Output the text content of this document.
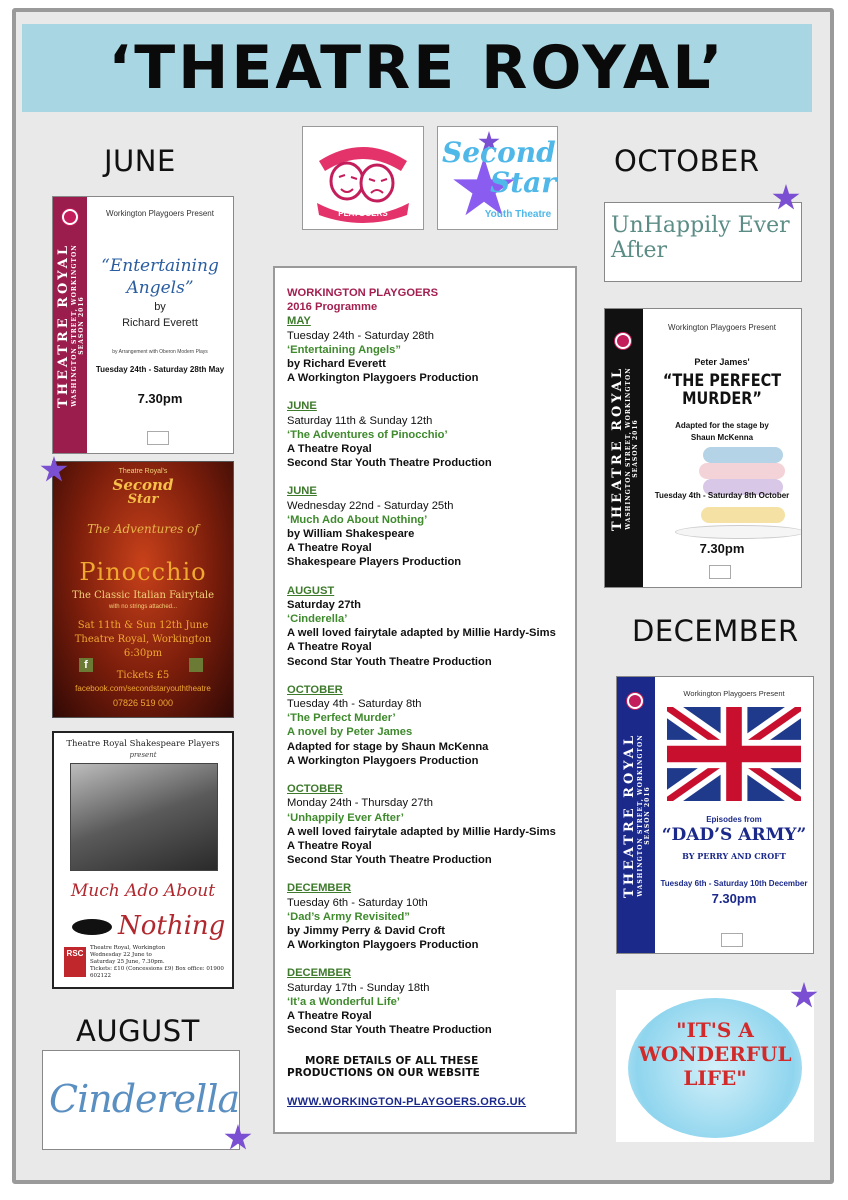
‘THEATRE ROYAL’
JUNE	OCTOBER
DECEMBER
AUGUST
WORKINGTON
PLAYGOERS
Second
Star
Youth Theatre
THEATRE ROYAL WASHINGTON STREET, WORKINGTON SEASON 2016
Workington Playgoers Present
“Entertaining Angels”
by
Richard Everett
by Arrangement with Oberon Modern Plays
Tuesday 24th - Saturday 28th May
7.30pm
Theatre Royal's
Second
Star
The Adventures of
Pinocchio
The Classic Italian Fairytale
with no strings attached...
Sat 11th & Sun 12th June
Theatre Royal, Workington
6:30pm
f
Tickets £5
facebook.com/secondstaryouththeatre
07826 519 000
Theatre Royal Shakespeare Players
present
Much Ado About
Nothing
RSC
Theatre Royal, Workington
Wednesday 22 June to
Saturday 25 June, 7.30pm.
Tickets: £10 (Concessions £9) Box office: 01900 602122
Cinderella
UnHappily Ever After
THEATRE ROYAL WASHINGTON STREET, WORKINGTON SEASON 2016
Workington Playgoers Present
Peter James'
“THE PERFECT
MURDER”
Adapted for the stage by
Shaun McKenna
Tuesday 4th - Saturday 8th October
7.30pm
THEATRE ROYAL WASHINGTON STREET, WORKINGTON SEASON 2016
Workington Playgoers Present
Episodes from
“DAD’S ARMY”
BY PERRY AND CROFT
Tuesday 6th - Saturday 10th December
7.30pm
"IT'S A
WONDERFUL
LIFE"
WORKINGTON PLAYGOERS
2016 Programme
MAY
Tuesday 24th - Saturday 28th
‘Entertaining Angels”
by Richard Everett
A Workington Playgoers Production
JUNE
Saturday 11th & Sunday 12th
‘The Adventures of Pinocchio’
A Theatre Royal
Second Star Youth Theatre Production
JUNE
Wednesday 22nd - Saturday 25th
‘Much Ado About Nothing’
by William Shakespeare
A Theatre Royal
Shakespeare Players Production
AUGUST
Saturday 27th
‘Cinderella’
A well loved fairytale adapted by Millie Hardy-Sims
A Theatre Royal
Second Star Youth Theatre Production
OCTOBER
Tuesday 4th - Saturday 8th
‘The Perfect Murder’
A novel by Peter James
Adapted for stage by Shaun McKenna
A Workington Playgoers Production
OCTOBER
Monday 24th - Thursday 27th
‘Unhappily Ever After’
A well loved fairytale adapted by Millie Hardy-Sims
A Theatre Royal
Second Star Youth Theatre Production
DECEMBER
Tuesday 6th - Saturday 10th
‘Dad’s Army Revisited”
by Jimmy Perry & David Croft
A Workington Playgoers Production
DECEMBER
Saturday 17th - Sunday 18th
‘It’a a Wonderful Life’
A Theatre Royal
Second Star Youth Theatre Production
MORE DETAILS OF ALL THESE
PRODUCTIONS ON OUR WEBSITE
WWW.WORKINGTON-PLAYGOERS.ORG.UK
